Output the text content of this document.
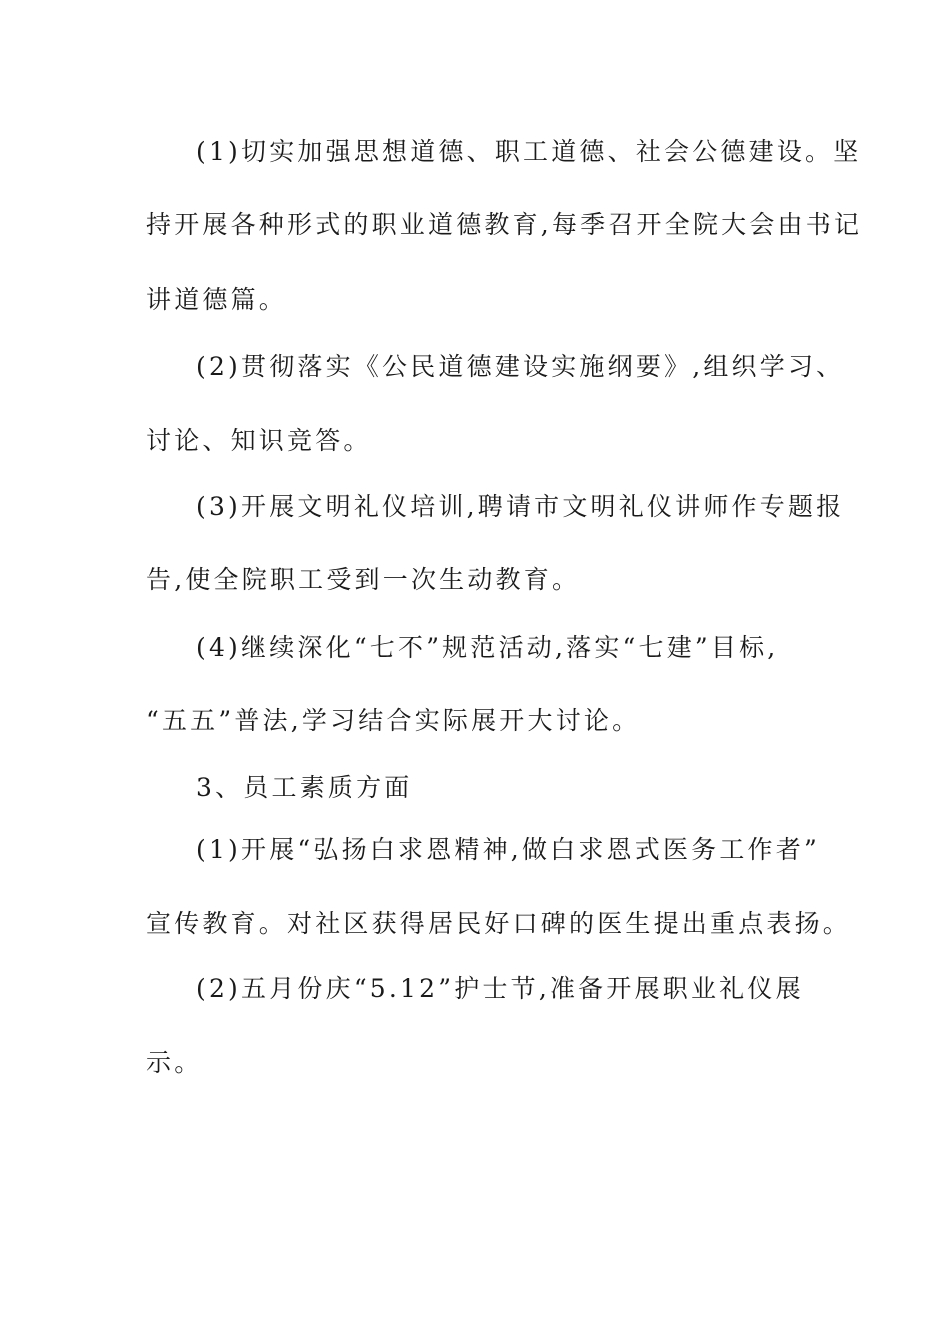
(1)切实加强思想道德、职工道德、社会公德建设。坚
持开展各种形式的职业道德教育,每季召开全院大会由书记
讲道德篇。
(2)贯彻落实《公民道德建设实施纲要》,组织学习、
讨论、知识竞答。
(3)开展文明礼仪培训,聘请市文明礼仪讲师作专题报
告,使全院职工受到一次生动教育。
(4)继续深化“七不”规范活动,落实“七建”目标,
“五五”普法,学习结合实际展开大讨论。
3、员工素质方面
(1)开展“弘扬白求恩精神,做白求恩式医务工作者”
宣传教育。对社区获得居民好口碑的医生提出重点表扬。
(2)五月份庆“5.12”护士节,准备开展职业礼仪展
示。
